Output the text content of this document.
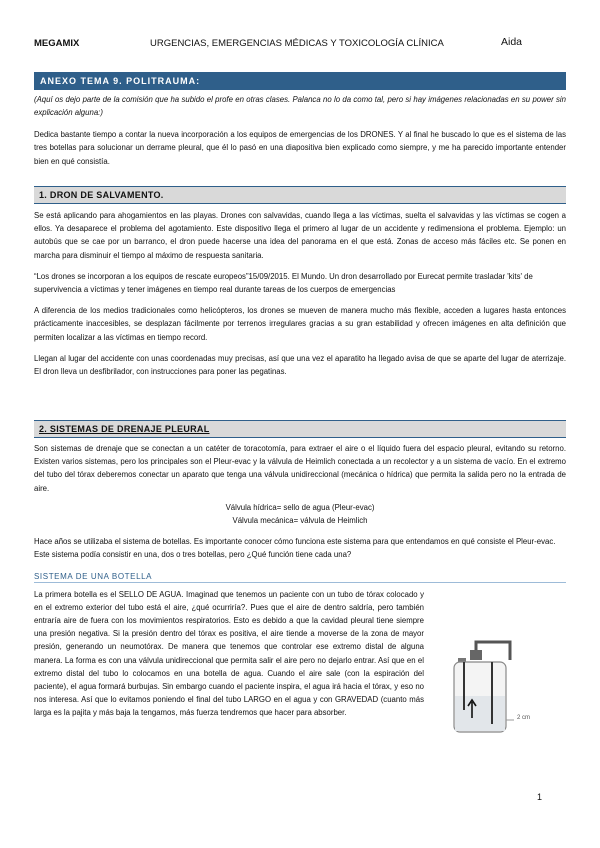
MEGAMIX	URGENCIAS, EMERGENCIAS MÉDICAS Y TOXICOLOGÍA CLÍNICA	Aida
ANEXO TEMA 9. POLITRAUMA:

(Aquí os dejo parte de la comisión que ha subido el profe en otras clases. Palanca no lo da como tal, pero si hay imágenes relacionadas en su power sin explicación alguna:)

Dedica bastante tiempo a contar la nueva incorporación a los equipos de emergencias de los DRONES. Y al final he buscado lo que es el sistema de las tres botellas para solucionar un derrame pleural, que él lo pasó en una diapositiva bien explicado como siempre, y me ha parecido importante entender bien en qué consistía.

1. DRON DE SALVAMENTO.

Se está aplicando para ahogamientos en las playas. Drones con salvavidas, cuando llega a las víctimas, suelta el salvavidas y las víctimas se cogen a ellos. Ya desaparece el problema del agotamiento. Este dispositivo llega el primero al lugar de un accidente y redimensiona el problema. Ejemplo: un autobús que se cae por un barranco, el dron puede hacerse una idea del panorama en el que está. Zonas de acceso más fáciles etc. Se ponen en marcha para disminuir el tiempo al máximo de respuesta sanitaria.

“Los drones se incorporan a los equipos de rescate europeos”15/09/2015. El Mundo. Un dron desarrollado por Eurecat permite trasladar 'kits' de supervivencia a víctimas y tener imágenes en tiempo real durante tareas de los cuerpos de emergencias

A diferencia de los medios tradicionales como helicópteros, los drones se mueven de manera mucho más flexible, acceden a lugares hasta entonces prácticamente inaccesibles, se desplazan fácilmente por terrenos irregulares gracias a su gran estabilidad y ofrecen imágenes en alta definición que permiten localizar a las víctimas en tiempo record.

Llegan al lugar del accidente con unas coordenadas muy precisas, así que una vez el aparatito ha llegado avisa de que se aparte del lugar de aterrizaje. El dron lleva un desfibrilador, con instrucciones para poner las pegatinas.

2. SISTEMAS DE DRENAJE PLEURAL

Son sistemas de drenaje que se conectan a un catéter de toracotomía, para extraer el aire o el líquido fuera del espacio pleural, evitando su retorno. Existen varios sistemas, pero los principales son el Pleur-evac y la válvula de Heimlich conectada a un recolector y a un sistema de vacío. En el extremo del tubo del tórax deberemos conectar un aparato que tenga una válvula unidireccional (mecánica o hídrica) que permita la salida pero no la entrada de aire.

Válvula hídrica= sello de agua (Pleur-evac)

Válvula mecánica= válvula de Heimlich

Hace años se utilizaba el sistema de botellas. Es importante conocer cómo funciona este sistema para que entendamos en qué consiste el Pleur-evac. Este sistema podía consistir en una, dos o tres botellas, pero ¿Qué función tiene cada una?

SISTEMA DE UNA BOTELLA

La primera botella es el SELLO DE AGUA. Imaginad que tenemos un paciente con un tubo de tórax colocado y en el extremo exterior del tubo está el aire, ¿qué ocurriría?. Pues que el aire de dentro saldría, pero también entraría aire de fuera con los movimientos respiratorios. Esto es debido a que la cavidad pleural tiene siempre una presión negativa. Si la presión dentro del tórax es positiva, el aire tiende a moverse de la zona de mayor presión, generando un neumotórax. De manera que tenemos que controlar ese extremo distal de alguna manera. La forma es con una válvula unidireccional que permita salir el aire pero no dejarlo entrar. Así que en el extremo distal del tubo lo colocamos en una botella de agua. Cuando el aire sale (con la espiración del paciente), el agua formará burbujas. Sin embargo cuando el paciente inspira, el agua irá hacia el tórax, y eso no nos interesa. Así que lo evitamos poniendo el final del tubo LARGO en el agua y con GRAVEDAD (cuanto más larga es la pajita y más baja la tengamos, más fuerza tendremos que hacer para absorber.

2 cm
1
